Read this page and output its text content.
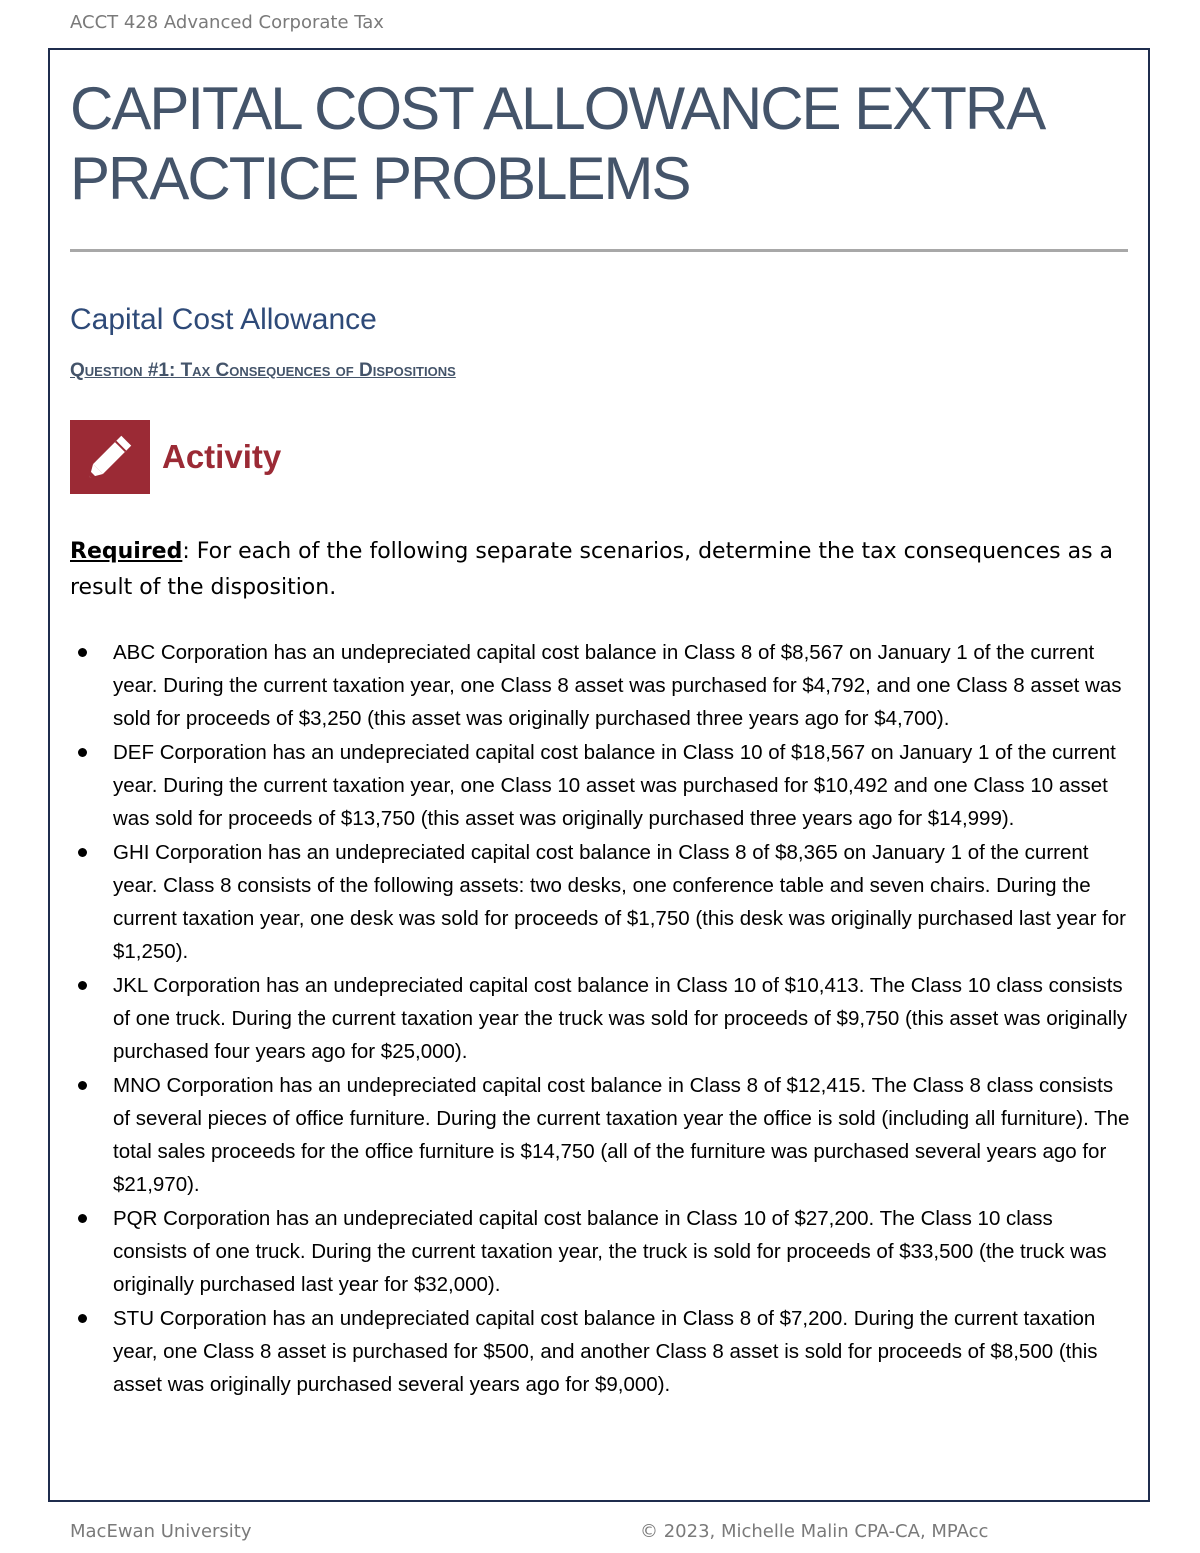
ACCT 428 Advanced Corporate Tax
CAPITAL COST ALLOWANCE EXTRA PRACTICE PROBLEMS
Capital Cost Allowance
Question #1: Tax Consequences of Dispositions
Activity
Required: For each of the following separate scenarios, determine the tax consequences as a result of the disposition.
ABC Corporation has an undepreciated capital cost balance in Class 8 of $8,567 on January 1 of the current year. During the current taxation year, one Class 8 asset was purchased for $4,792, and one Class 8 asset was sold for proceeds of $3,250 (this asset was originally purchased three years ago for $4,700).
DEF Corporation has an undepreciated capital cost balance in Class 10 of $18,567 on January 1 of the current year. During the current taxation year, one Class 10 asset was purchased for $10,492 and one Class 10 asset was sold for proceeds of $13,750 (this asset was originally purchased three years ago for $14,999).
GHI Corporation has an undepreciated capital cost balance in Class 8 of $8,365 on January 1 of the current year. Class 8 consists of the following assets: two desks, one conference table and seven chairs. During the current taxation year, one desk was sold for proceeds of $1,750 (this desk was originally purchased last year for $1,250).
JKL Corporation has an undepreciated capital cost balance in Class 10 of $10,413. The Class 10 class consists of one truck. During the current taxation year the truck was sold for proceeds of $9,750 (this asset was originally purchased four years ago for $25,000).
MNO Corporation has an undepreciated capital cost balance in Class 8 of $12,415. The Class 8 class consists of several pieces of office furniture. During the current taxation year the office is sold (including all furniture). The total sales proceeds for the office furniture is $14,750 (all of the furniture was purchased several years ago for $21,970).
PQR Corporation has an undepreciated capital cost balance in Class 10 of $27,200. The Class 10 class consists of one truck. During the current taxation year, the truck is sold for proceeds of $33,500 (the truck was originally purchased last year for $32,000).
STU Corporation has an undepreciated capital cost balance in Class 8 of $7,200. During the current taxation year, one Class 8 asset is purchased for $500, and another Class 8 asset is sold for proceeds of $8,500 (this asset was originally purchased several years ago for $9,000).
MacEwan University	© 2023, Michelle Malin CPA-CA, MPAcc
